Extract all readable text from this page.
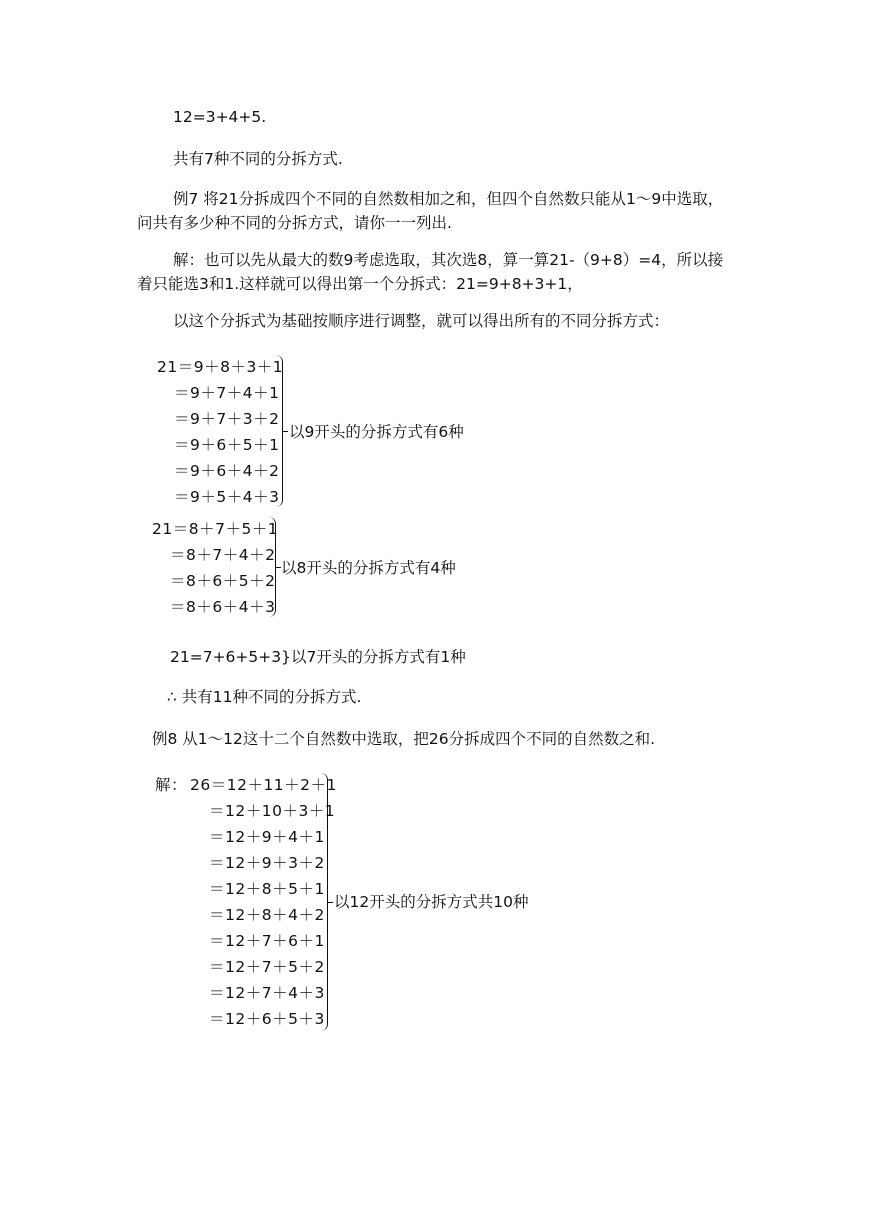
12=3+4+5.
共有7种不同的分拆方式.
例7 将21分拆成四个不同的自然数相加之和，但四个自然数只能从1～9中选取，问共有多少种不同的分拆方式，请你一一列出.
解：也可以先从最大的数9考虑选取，其次选8，算一算21-（9+8）=4，所以接着只能选3和1.这样就可以得出第一个分拆式：21=9+8+3+1，
以这个分拆式为基础按顺序进行调整，就可以得出所有的不同分拆方式：
21＝9＋8＋3＋1
＝9＋7＋4＋1
＝9＋7＋3＋2
＝9＋6＋5＋1
＝9＋6＋4＋2
＝9＋5＋4＋3
以9开头的分拆方式有6种
21＝8＋7＋5＋1
＝8＋7＋4＋2
＝8＋6＋5＋2
＝8＋6＋4＋3
以8开头的分拆方式有4种
21=7+6+5+3}以7开头的分拆方式有1种
∴ 共有11种不同的分拆方式.
例8 从1～12这十二个自然数中选取，把26分拆成四个不同的自然数之和.
解： 26＝12＋11＋2＋1
＝12＋10＋3＋1
＝12＋9＋4＋1
＝12＋9＋3＋2
＝12＋8＋5＋1
＝12＋8＋4＋2
＝12＋7＋6＋1
＝12＋7＋5＋2
＝12＋7＋4＋3
＝12＋6＋5＋3
以12开头的分拆方式共10种
